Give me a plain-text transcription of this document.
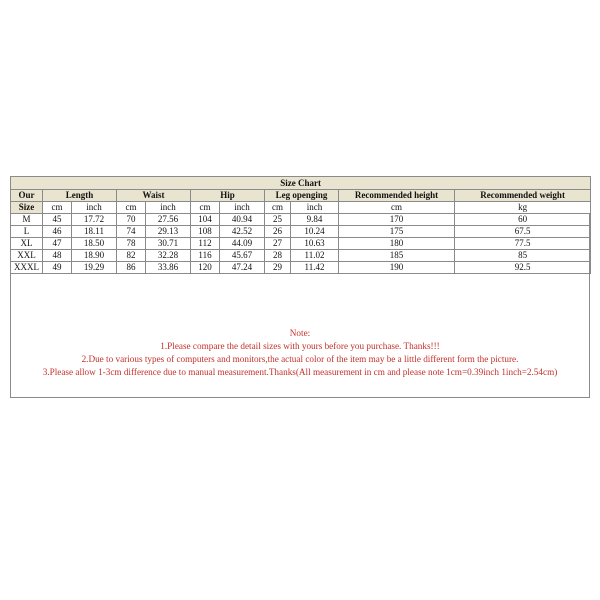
Size Chart										
Our	Length		Waist		Hip		Leg openging		Recommended height	Recommended weight
Size	cm	inch	cm	inch	cm	inch	cm	inch	cm	kg
M	45	17.72	70	27.56	104	40.94	25	9.84	170	60
L	46	18.11	74	29.13	108	42.52	26	10.24	175	67.5
XL	47	18.50	78	30.71	112	44.09	27	10.63	180	77.5
XXL	48	18.90	82	32.28	116	45.67	28	11.02	185	85
XXXL	49	19.29	86	33.86	120	47.24	29	11.42	190	92.5
Note:
1.Please compare the detail sizes with yours before you purchase. Thanks!!!
2.Due to various types of computers and monitors,the actual color of the item may be a little different form the picture.
3.Please allow 1-3cm difference due to manual measurement.Thanks(All measurement in cm and please note 1cm=0.39inch 1inch=2.54cm)
